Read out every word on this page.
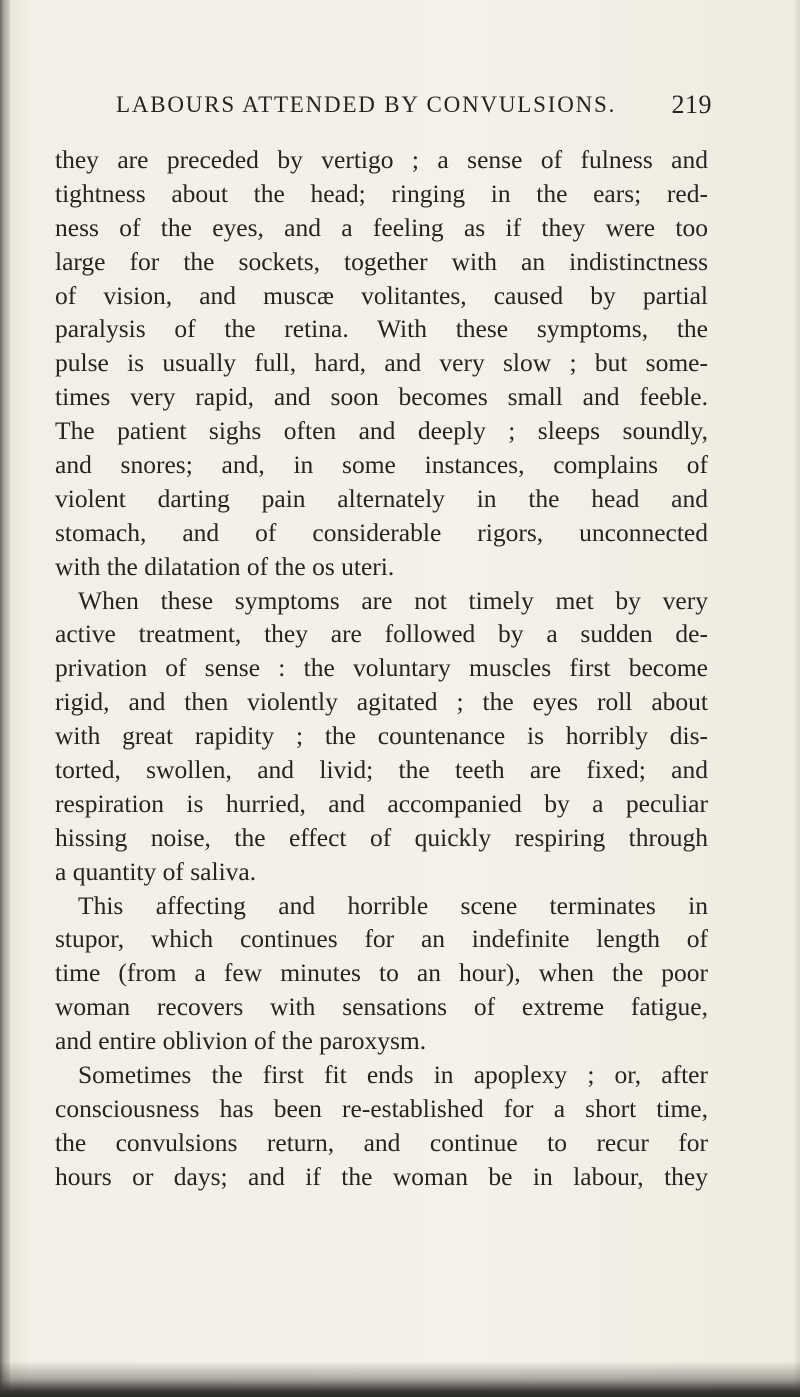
LABOURS ATTENDED BY CONVULSIONS. 219
they are preceded by vertigo ; a sense of fulness and
tightness about the head; ringing in the ears; red-
ness of the eyes, and a feeling as if they were too
large for the sockets, together with an indistinctness
of vision, and muscæ volitantes, caused by partial
paralysis of the retina. With these symptoms, the
pulse is usually full, hard, and very slow ; but some-
times very rapid, and soon becomes small and feeble.
The patient sighs often and deeply ; sleeps soundly,
and snores; and, in some instances, complains of
violent darting pain alternately in the head and
stomach, and of considerable rigors, unconnected
with the dilatation of the os uteri.
When these symptoms are not timely met by very
active treatment, they are followed by a sudden de-
privation of sense : the voluntary muscles first become
rigid, and then violently agitated ; the eyes roll about
with great rapidity ; the countenance is horribly dis-
torted, swollen, and livid; the teeth are fixed; and
respiration is hurried, and accompanied by a peculiar
hissing noise, the effect of quickly respiring through
a quantity of saliva.
This affecting and horrible scene terminates in
stupor, which continues for an indefinite length of
time (from a few minutes to an hour), when the poor
woman recovers with sensations of extreme fatigue,
and entire oblivion of the paroxysm.
Sometimes the first fit ends in apoplexy ; or, after
consciousness has been re-established for a short time,
the convulsions return, and continue to recur for
hours or days; and if the woman be in labour, they
